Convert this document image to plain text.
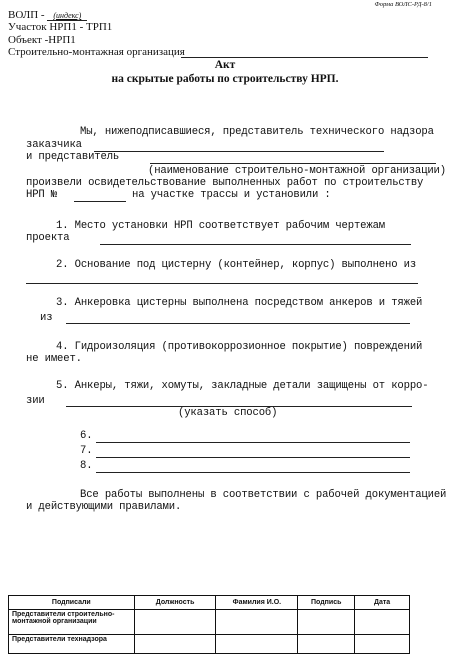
Форма ВОЛС-РД-8/1
ВОЛП - (индекс)
Участок НРП1 - ТРП1
Объект -НРП1
Строительно-монтажная организация
Акт
на скрытые работы по строительству НРП.
Мы, нижеподписавшиеся, представитель технического надзора
заказчика
и представитель
(наименование строительно-монтажной организации)
произвели освидетельствование выполненных работ по строительству
НРП №	на участке трассы и установили :
1. Место установки НРП соответствует рабочим чертежам
проекта
2. Основание под цистерну (контейнер, корпус) выполнено из
3. Анкеровка цистерны выполнена посредством анкеров и тяжей
из
4. Гидроизоляция (противокоррозионное покрытие) повреждений
не имеет.
5. Анкеры, тяжи, хомуты, закладные детали защищены от корро-
зии
(указать способ)
6.
7.
8.
Все работы выполнены в соответствии с рабочей документацией
и действующими правилами.
Подписали	Должность	Фамилия И.О.	Подпись	Дата
Представители строительно-монтажной организации				
Представители технадзора				
